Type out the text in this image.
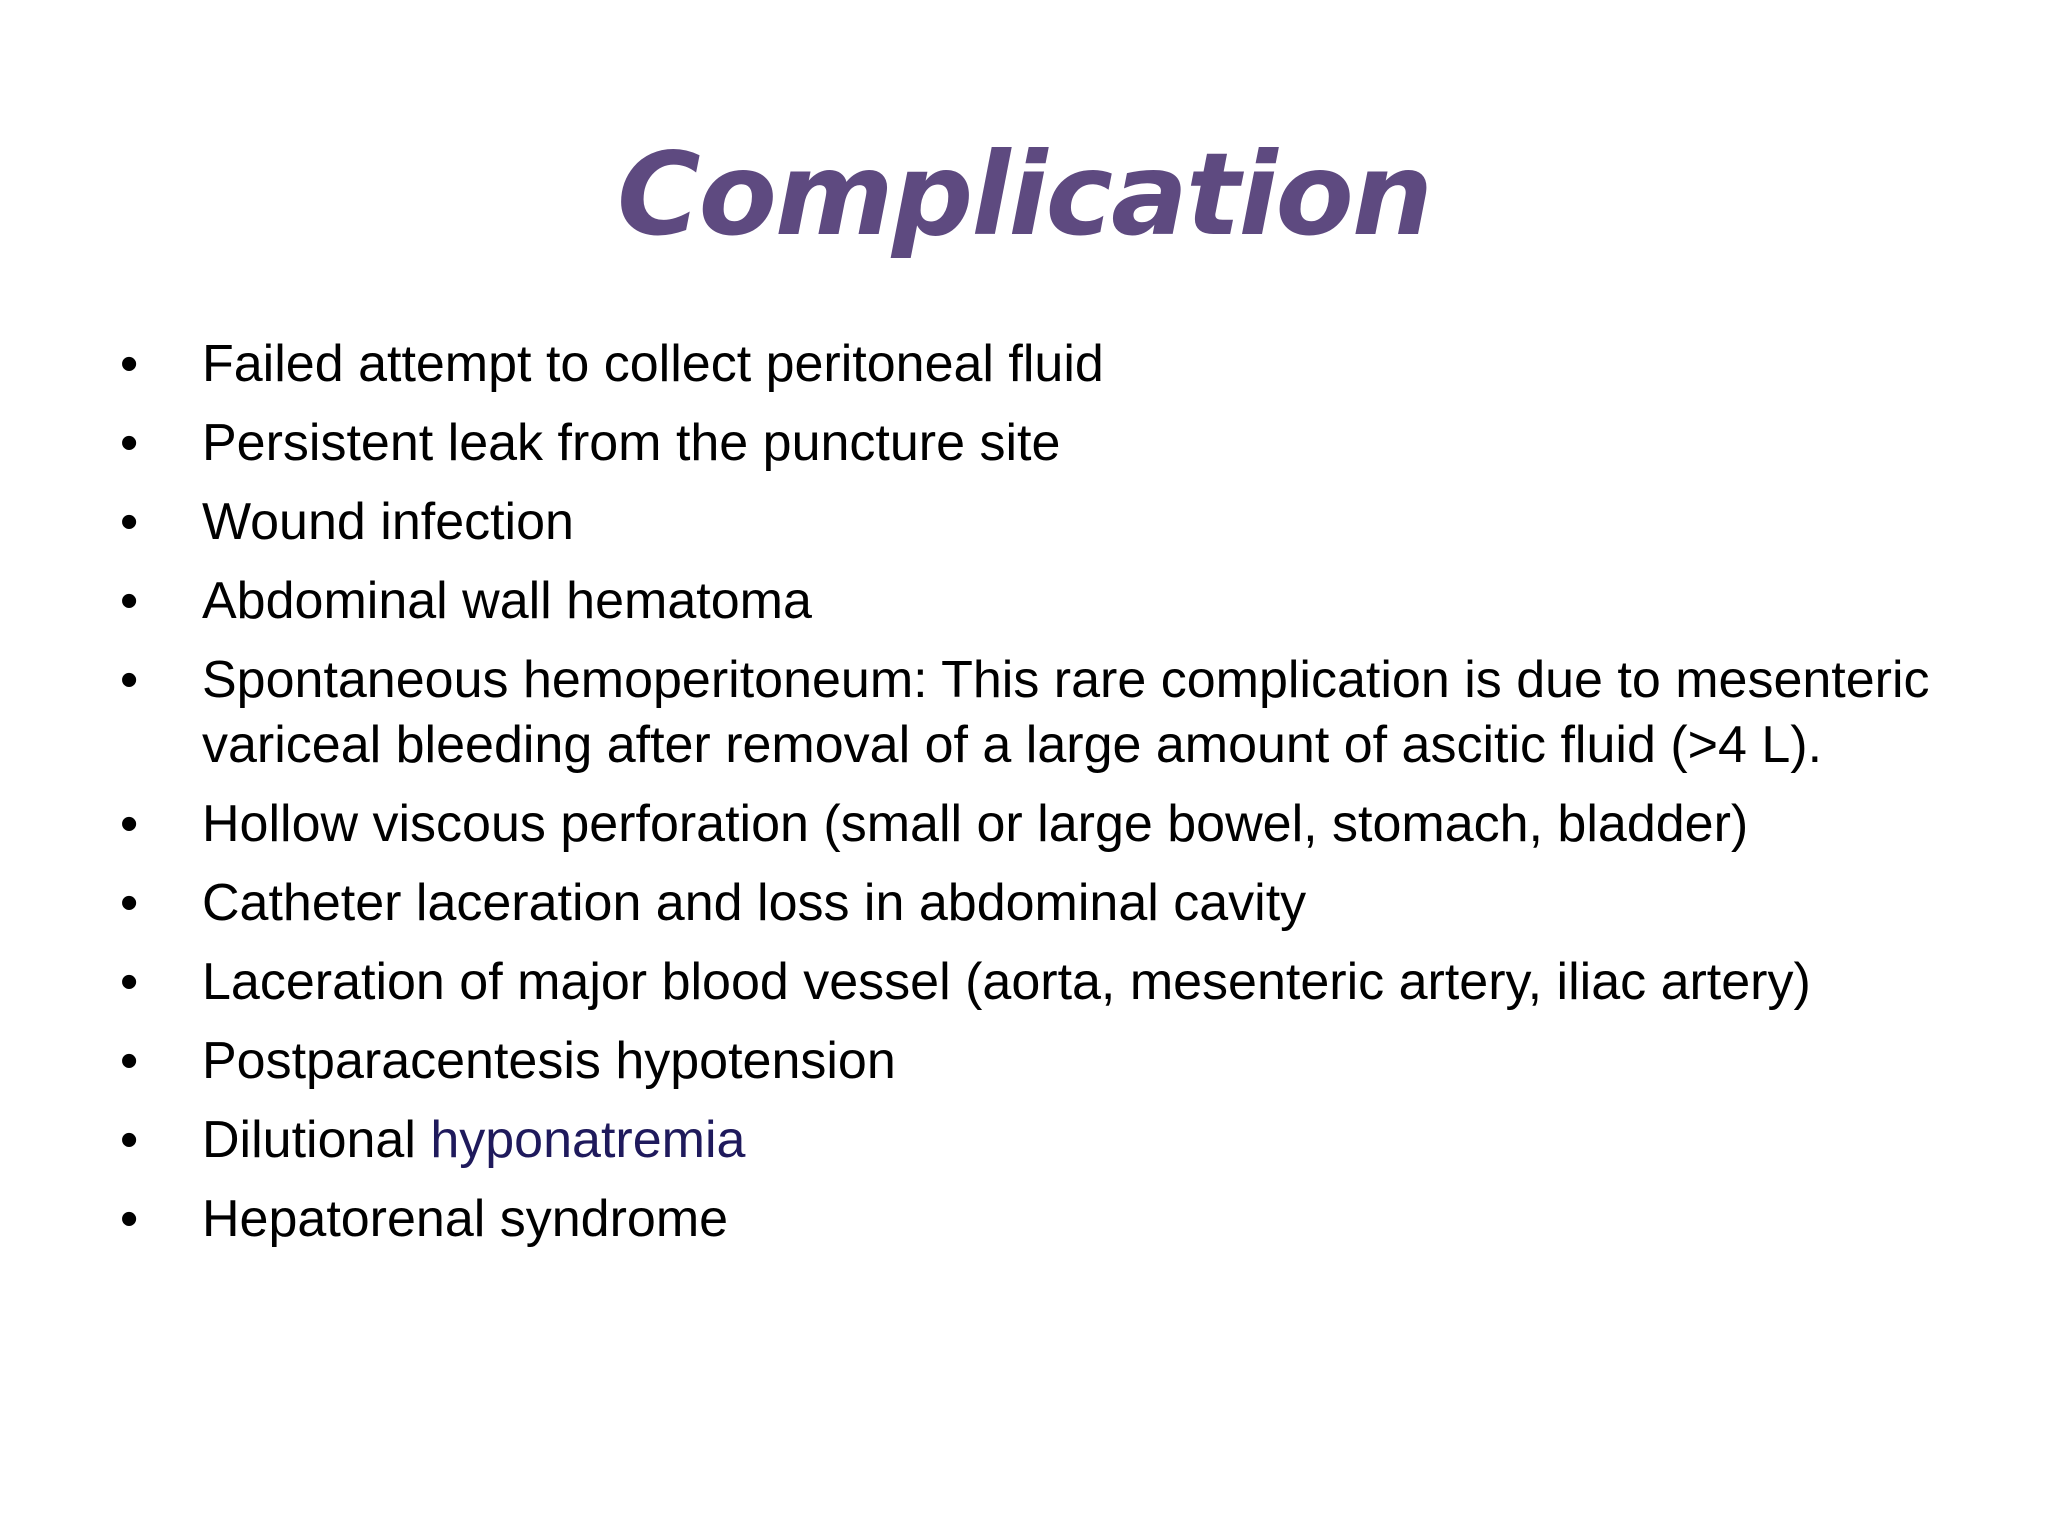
Complication
• Failed attempt to collect peritoneal fluid
• Persistent leak from the puncture site
• Wound infection
• Abdominal wall hematoma
• Spontaneous hemoperitoneum: This rare complication is due to mesenteric variceal bleeding after removal of a large amount of ascitic fluid (>4 L).
• Hollow viscous perforation (small or large bowel, stomach, bladder)
• Catheter laceration and loss in abdominal cavity
• Laceration of major blood vessel (aorta, mesenteric artery, iliac artery)
• Postparacentesis hypotension
• Dilutional hyponatremia
• Hepatorenal syndrome
